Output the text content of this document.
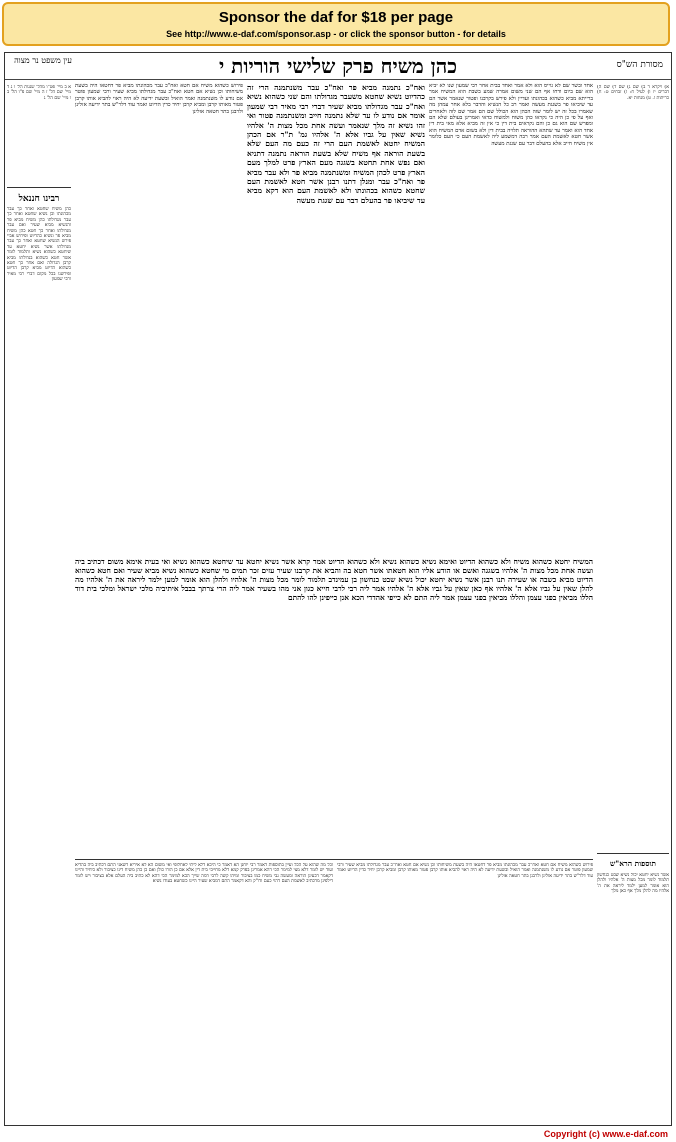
Sponsor the daf for $18 per page
See http://www.e-daf.com/sponsor.asp - or click the sponsor button - for details
עין משפט נר מצוה	כהן משיח פרק שלישי הוריות י	מסורת הש"ס
א ב מיי' פט"ו מהל' שגגות הל' ו ג ד מיי' שם הל' ז ה מיי' שם פ"ו הל' ב ו מיי' שם הל' ג
רבינו חננאל
כהן משיח שחטא ואחר כך עבר מכהונתו וכן נשיא שחטא ואחר כך עבר מגדולתו כהן משיח מביא פר והנשיא מביא שעיר ואם עבר מגדולתו ואחר כך חטא כהן משיח מביא פר ונשיא כהדיוט ופירוש אביי פירש הנשיא שחטא ואחר כך עבר מגדולתו אשר נשיא יחטא עד שיחטא כשהוא נשיא ותלמוד לומר אשר חטא כשהוא בגדולתו מביא קרבן הגדולה ואם אחר כך חטא כשהוא הדיוט מביא קרבן הדיוט ופירשנו בכל מקום דברי רבי מאיר ורבי שמעון
פירוש כשהוא משיח אם חטא ואח"כ עבר מכהונתו מביא פר דחטאו היה בשעת משיחותו וכן נשיא אם חטא ואח"כ עבר מגדולתו מביא שעיר ורבי שמעון פוטר אם נודע לו משנתמנה ואמר הואיל ובשעת ידיעה לא היה ראוי להביא אותו קרבן פטור מאותו קרבן ומביא קרבן יחיד כדין הדיוט ואמר עוד דלר"ש בתר ידיעה אזלינן ולרבנן בתר חטאה אזלינן
ואח"כ נתמנה מביא פר ואח"כ עבר משנתמנה הרי זה כהדיוט נשיא שחטא משעבר מגדולתו והם שני כשהוא נשיא ואח"כ עבר מגדולתו מביא שעיר דברי רבי מאיר רבי שמעון אומר אם נודע לו עד שלא נתמנה חייב ומשנתמנה פטור ואי זהו נשיא זה מלך שנאמר ועשה אחת מכל מצות ה' אלהיו נשיא שאין על גביו אלא ה' אלהיו גמ' ת"ר אם הכהן המשיח יחטא לאשמת העם הרי זה כעם מה העם שלא בשעת הוראה אף משיח שלא בשעת הוראה נתמנה דתניא ואם נפש אחת תחטא בשגגה מעם הארץ פרט למלך מעם הארץ פרט לכהן המשיח ומשנתמנה מביא פר ולא עבר מביא פר ואח"כ עבר ומנלן דתנו רבנן אשר חטא לאשמת העם שחטא כשהוא בכהונתו ולא לאשמת העם הוא דקא מביא עד שיביאו פר בהעלם דבר עם שגגת מעשה
אחד ובשר שם לא גוייס הוא ולא אמר ואחד בבית אחר רבי שמעון שנו לא יביא הוא שם ביום ודחו אף הם שני משום אמרה שמע בשבת הוא המשיח אמר ברייתא מביא כשהוא בכהונתו ועדיין ולא פירש בקרבנו ופטור שנאמר אשר הם עד שיביאו פר בשגגת מעשה ואמר רב כל הנשיא והדבר בלא אחר עמהן מה שאמרו בכל זה יש לומר שזה הכהן הוא הכולל שם הם אמר שם לזה ולאחרים ואף על פי כן היה כי נקראו כהן משוח ולמשוח כדאי ואמרינן בעולם שלא הם ומפרש שם הוא גם כן והם נקראים בית דין כי אין זה מביא אלא מאי בית דין אחד הוא ואמר עד שתהא ההוראה תלויה בבית דין ולא בשום אדם המשיח הוא אשר חטא לאשמת העם אמר רבה דמשמע ליה לאשמת העם כי העם כלומר אין משיח חייב אלא בהעלם דבר עם שגגת מעשה
המשיח יחטא כשהוא משיח ולא כשהוא הדיוט ואימא נשיא כשהוא נשיא ולא כשהוא הדיוט אמר קרא אשר נשיא יחטא עד שיחטא כשהוא נשיא ואי בעית אימא משום דכתיב ביה ועשה אחת מכל מצות ה' אלהיו בשגגה ואשם או הודע אליו הוא חטאתו אשר חטא בה והביא את קרבנו שעיר עזים זכר תמים מי שחטא כשהוא נשיא מביא שעיר ואם חטא כשהוא הדיוט מביא כשבה או שעירה תנו רבנן אשר נשיא יחטא יכול נשיא שבט כנחשון בן עמינדב תלמוד לומר מכל מצות ה' אלהיו ולהלן הוא אומר למען ילמד ליראה את ה' אלהיו מה להלן שאין על גביו אלא ה' אלהיו אף כאן שאין על גביו אלא ה' אלהיו אמר ליה רבי לרבי חייא כגון אני מהו בשעיר אמר ליה הרי צרתך בבבל איתיביה מלכי ישראל ומלכי בית דוד הללו מביאין בפני עצמן והללו מביאין בפני עצמן אמר ליה התם לא כייפי אהדדי הכא אנן כייפינן להו להתם
וכל מה שהוא על הכל ועיין בתוספות דאמר רבי יוחנן הא דאמר כי היכא דלא ליתי לאחלופי ואי משום הא לא איריא דשאני התם דכתיב ביה בהדיא ועוד יש לומר דלא מצי למימר הכי דהא אמרינן בפרק קמא דלא מחייבי בית דין אלא אם כן הורו כולן ואם כן כהן משיח דינו כציבור ולא כיחיד והיינו דקאמר דבעינן הוראה ומעשה גבי משיח כמו בציבור ומיהו קשה לרבי דמה שייך הכא למימר הכי דהא לא כתיב ביה העלם אלא בציבור ויש לומר דילפינן מדכתיב לאשמת העם דהוי כעם ודו"ק והא דקאמר התם דמביא שעיר היינו כשחטא בעודו נשיא
פירוש כשהוא משיח אם חטא ואח"כ עבר מכהונתו מביא פר דחטאו היה בשעת משיחותו וכן נשיא אם חטא ואח"כ עבר מגדולתו מביא שעיר ורבי שמעון פוטר אם נודע לו משנתמנה ואמר הואיל ובשעת ידיעה לא היה ראוי להביא אותו קרבן פטור מאותו קרבן ומביא קרבן יחיד כדין הדיוט ואמר עוד דלר"ש בתר ידיעה אזלינן ולרבנן בתר חטאה אזלינן
א) ויקרא ד ב) שם ג) שם ד) שם ה) דברים יז ו) לעיל ח: ז) זבחים ט: ח) כריתות ז. ט) מנחות יא.
תוספות הרא"ש
אשר נשיא יחטא יכול נשיא שבט כנחשון תלמוד לומר מכל מצות ה' אלהיו ולהלן הוא אומר למען ילמד ליראה את ה' אלהיו מה להלן מלך אף כאן מלך
Copyright (c) www.e-daf.com
